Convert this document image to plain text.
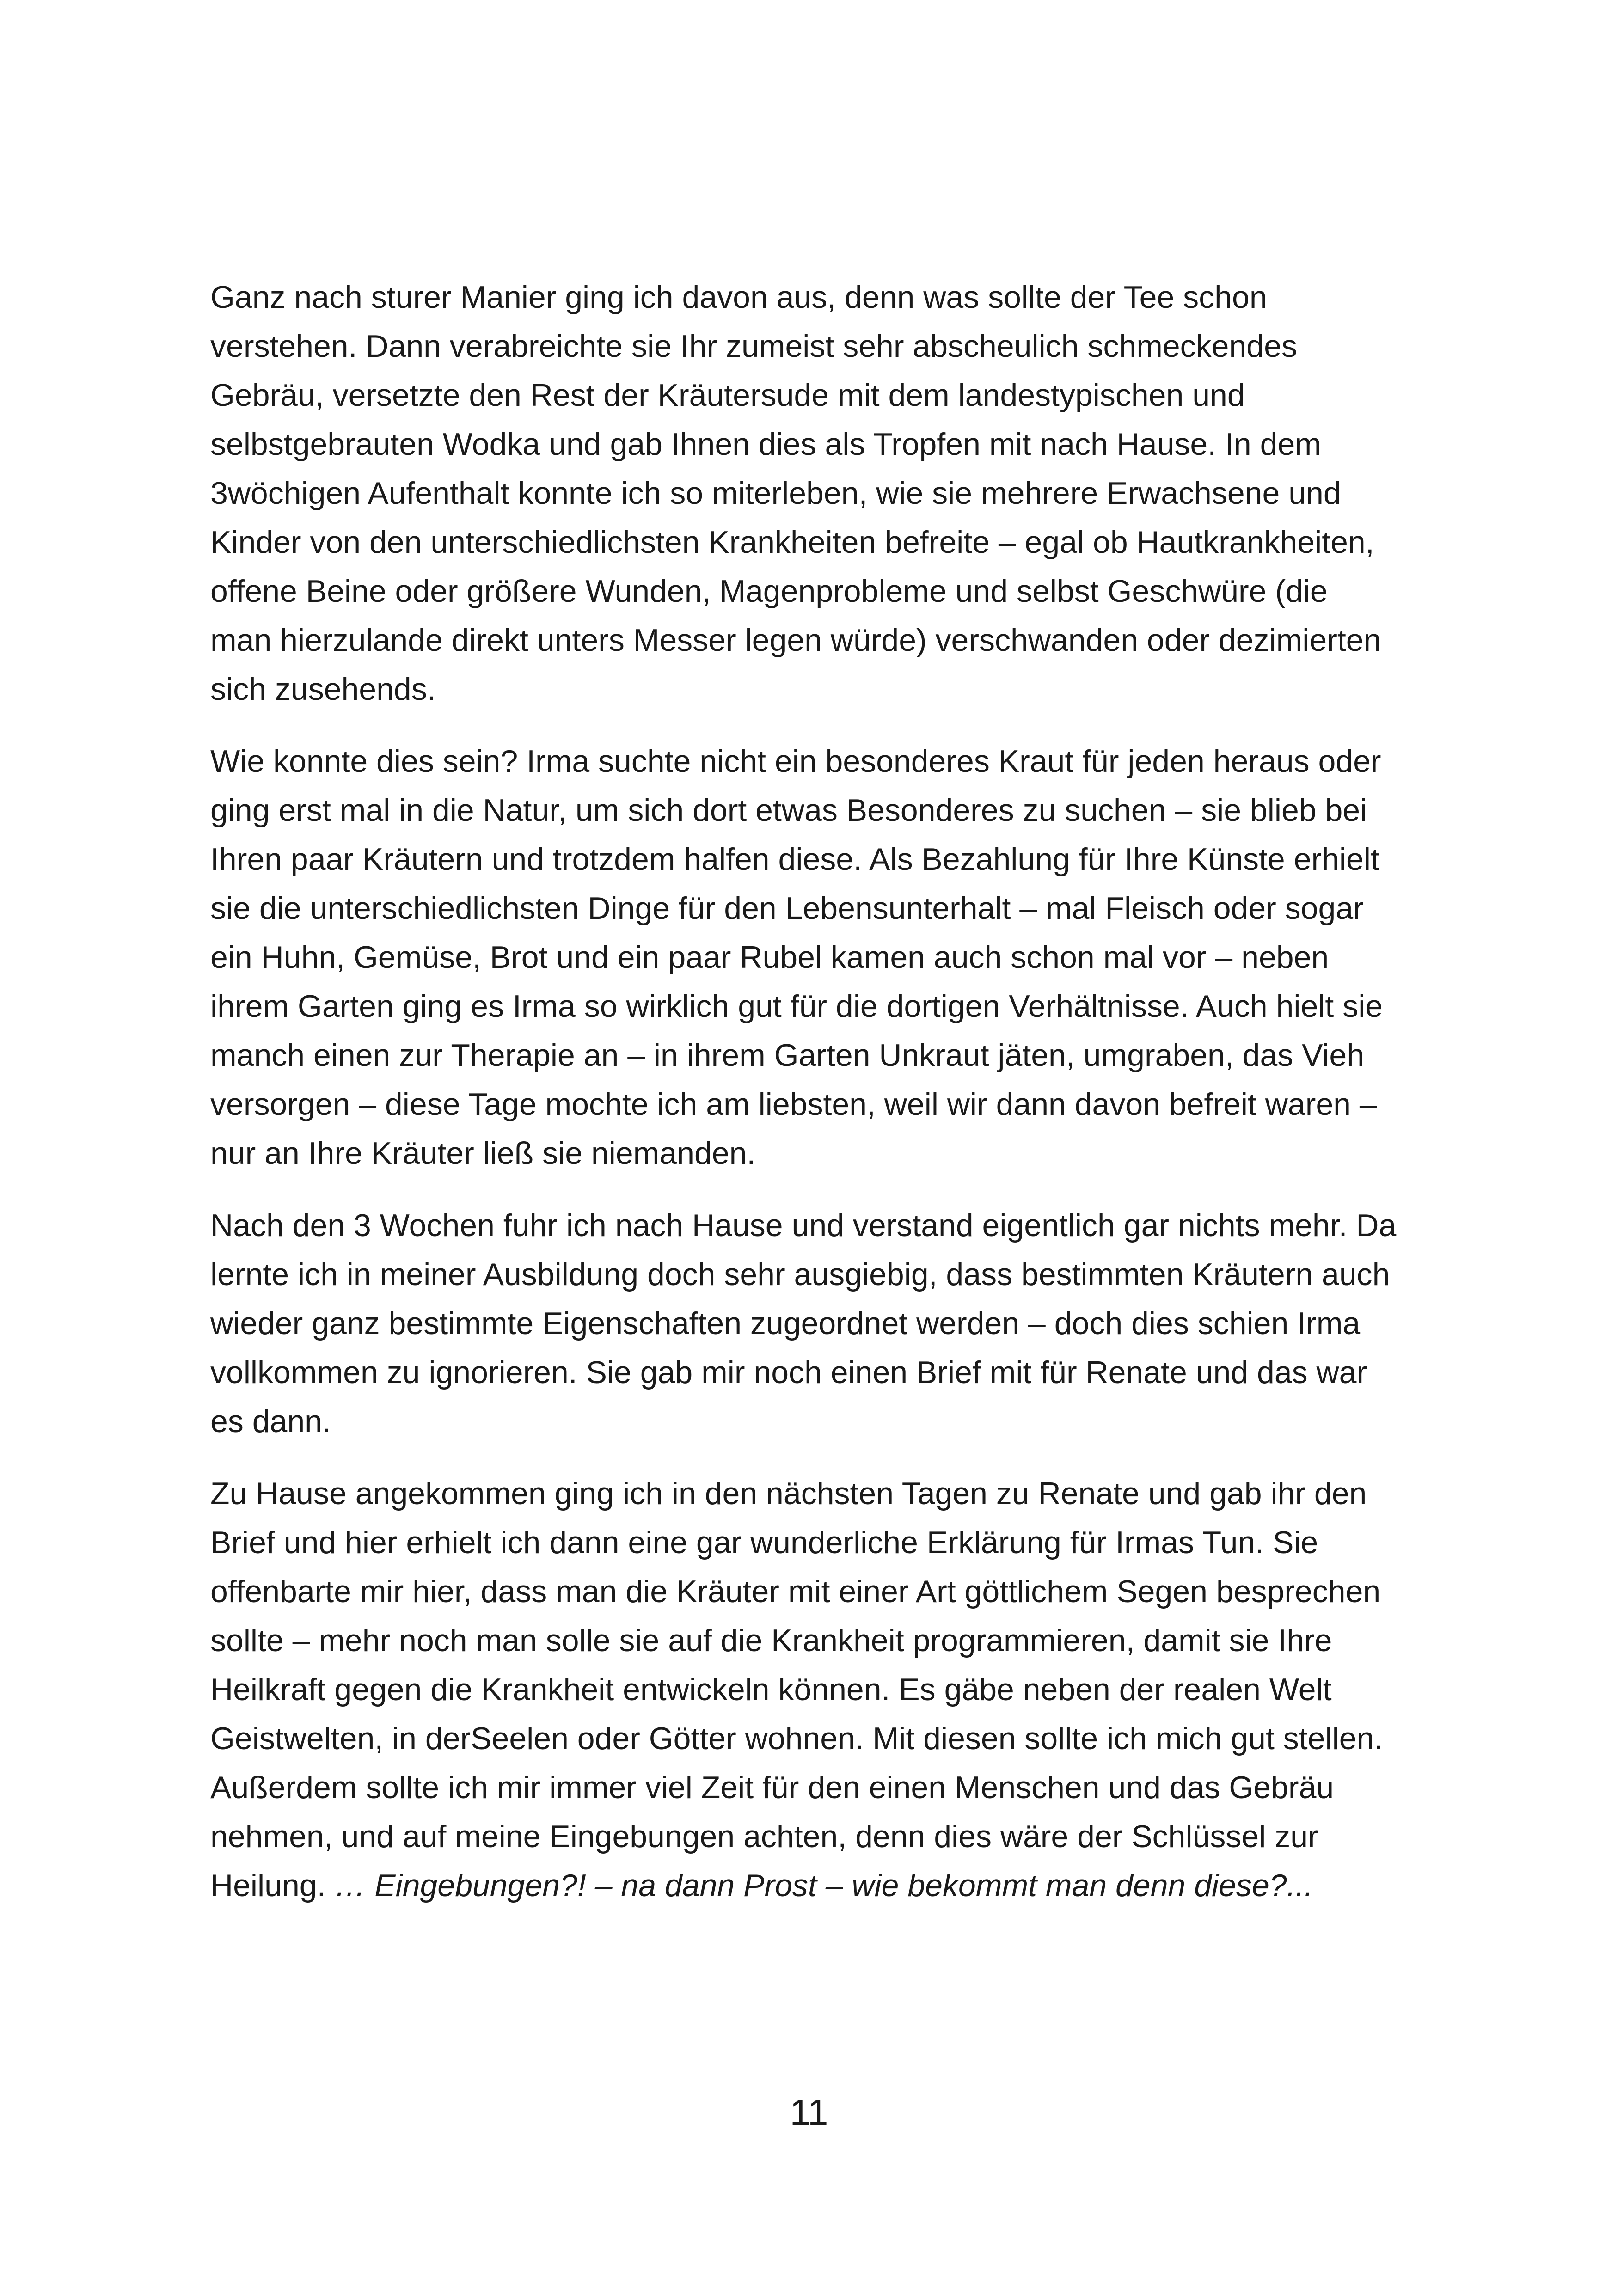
Ganz nach sturer Manier ging ich davon aus, denn was sollte der Tee schon
verstehen. Dann verabreichte sie Ihr zumeist sehr abscheulich schmeckendes
Gebräu, versetzte den Rest der Kräutersude mit dem landestypischen und
selbstgebrauten Wodka und gab Ihnen dies als Tropfen mit nach Hause. In dem
3wöchigen Aufenthalt konnte ich so miterleben, wie sie mehrere Erwachsene und
Kinder von den unterschiedlichsten Krankheiten befreite – egal ob Hautkrankheiten,
offene Beine oder größere Wunden, Magenprobleme und selbst Geschwüre (die
man hierzulande direkt unters Messer legen würde) verschwanden oder dezimierten
sich zusehends.

Wie konnte dies sein? Irma suchte nicht ein besonderes Kraut für jeden heraus oder
ging erst mal in die Natur, um sich dort etwas Besonderes zu suchen – sie blieb bei
Ihren paar Kräutern und trotzdem halfen diese. Als Bezahlung für Ihre Künste erhielt
sie die unterschiedlichsten Dinge für den Lebensunterhalt – mal Fleisch oder sogar
ein Huhn, Gemüse, Brot und ein paar Rubel kamen auch schon mal vor – neben
ihrem Garten ging es Irma so wirklich gut für die dortigen Verhältnisse. Auch hielt sie
manch einen zur Therapie an – in ihrem Garten Unkraut jäten, umgraben, das Vieh
versorgen – diese Tage mochte ich am liebsten, weil wir dann davon befreit waren –
nur an Ihre Kräuter ließ sie niemanden.

Nach den 3 Wochen fuhr ich nach Hause und verstand eigentlich gar nichts mehr. Da
lernte ich in meiner Ausbildung doch sehr ausgiebig, dass bestimmten Kräutern auch
wieder ganz bestimmte Eigenschaften zugeordnet werden – doch dies schien Irma
vollkommen zu ignorieren. Sie gab mir noch einen Brief mit für Renate und das war
es dann.

Zu Hause angekommen ging ich in den nächsten Tagen zu Renate und gab ihr den
Brief und hier erhielt ich dann eine gar wunderliche Erklärung für Irmas Tun. Sie
offenbarte mir hier, dass man die Kräuter mit einer Art göttlichem Segen besprechen
sollte – mehr noch man solle sie auf die Krankheit programmieren, damit sie Ihre
Heilkraft gegen die Krankheit entwickeln können. Es gäbe neben der realen Welt
Geistwelten, in derSeelen oder Götter wohnen. Mit diesen sollte ich mich gut stellen.
Außerdem sollte ich mir immer viel Zeit für den einen Menschen und das Gebräu
nehmen, und auf meine Eingebungen achten, denn dies wäre der Schlüssel zur
Heilung. … Eingebungen?! – na dann Prost – wie bekommt man denn diese?...

11
